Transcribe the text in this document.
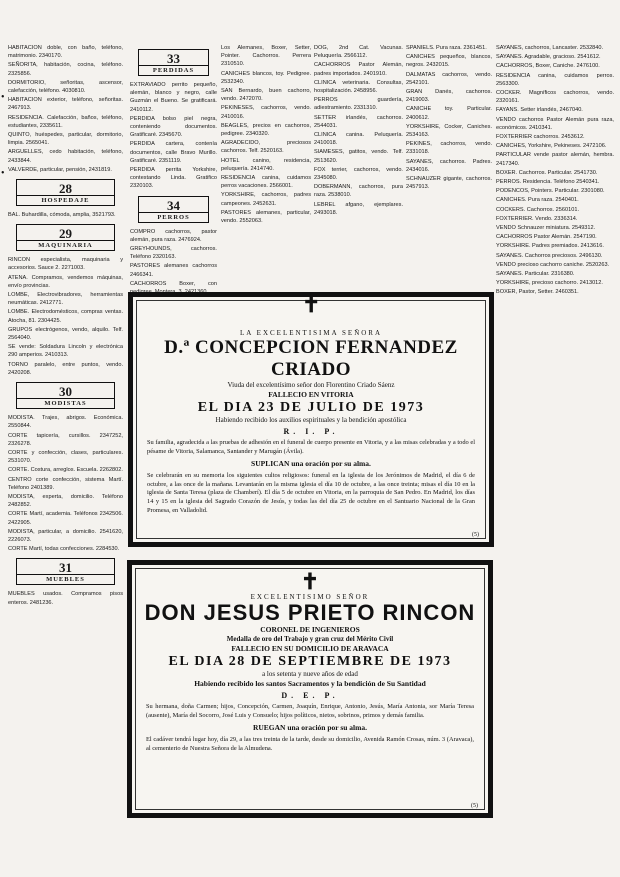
HABITACION doble, con baño, teléfono, matrimonio. 2340170.

SEÑORITA, habitación, cocina, teléfono. 2325856.

DORMITORIO, señoritas, ascensor, calefacción, teléfono. 4030810.

HABITACION exterior, teléfono, señoritas. 2467913.

RESIDENCIA. Calefacción, baños, teléfono, estudiantes, 2335611.

QUINTO, huéspedes, particular, dormitorio, limpia. 2565041.

ARGUELLES, cedo habitación, teléfono, 2433844.

VALVERDE, particular, pensión, 2431819.

28
HOSPEDAJE

BAL. Buhardilla, cómoda, amplia, 3521793.

29
MAQUINARIA

RINCON especialista, maquinaria y accesorios. Sauce 2. 2271003.

ATENA. Compramos, vendemos máquinas, envío provincias.

LOMBE, Electrovibradores, herramientas neumáticas. 2412771.

LOMBE. Electrodomésticos, compras ventas. Atocha, 81. 2304425.

GRUPOS electrógenos, vendo, alquilo. Telf. 2564040.

SE vende: Soldadura Lincoln y electrónica 290 amperios. 2410313.

TORNO paralelo, entre puntos, vendo. 2420208.

30
MODISTAS

MODISTA. Trajes, abrigos. Económica. 2550844.

CORTE tapicería, cursillos. 2347252, 2326278.

CORTE y confección, clases, particulares. 2531070.

CORTE. Costura, arreglos. Escuela. 2262802.

CENTRO corte confección, sistema Martí. Teléfono 2401389.

MODISTA, experta, domicilio. Teléfono 2482852.

CORTE Martí, academia. Teléfonos 2342506. 2422905.

MODISTA, particular, a domicilio. 2541620, 2226073.

CORTE Martí, todas confecciones. 2284530.

31
MUEBLES

MUEBLES usados. Compramos pisos enteros. 2481236.

33
PERDIDAS

EXTRAVIADO perrito pequeño, alemán, blanco y negro, calle Guzmán el Bueno. Se gratificará. 2410112.

PERDIDA bolso piel negra, conteniendo documentos. Gratificaré. 2345670.

PERDIDA cartera, contenía documentos, calle Bravo Murillo. Gratificaré. 2351119.

PERDIDA perrita Yorkshire, contestando Linda. Gratifico 2320103.

34
PERROS

COMPRO cachorros, pastor alemán, pura raza. 2476924.

GREYHOUNDS, cachorros. Teléfono 2320163.

PASTORES alemanes cachorros 2466341.

CACHORROS Boxer, con

Los Alemanes, Boxer, Setter, Pointer. Cachorros. Perrera 2310510.

CANICHES blancos, toy. Pedigree. 2532340.

SAN Bernardo, buen cachorro, vendo. 2472070.

PEKINESES, cachorros, vendo. 2410016.

BEAGLES, precios en cachorros, pedigree. 2340320.

AGRADECIDO, preciosos cachorros. Telf. 2520163.

HOTEL canino, residencia, peluquería. 2414740.

RESIDENCIA canina, cuidamos perros vacaciones. 2566001.

YORKSHIRE, cachorros, padres campeones. 2452631.

PASTORES alemanes, particular, vendo. 2552063.

DOG, 2nd Cat. Vacunas. Peluquería. 2566112.

CACHORROS Pastor Alemán, padres importados. 2401910.

CLINICA veterinaria. Consultas, hospitalización. 2458956.

PERROS guardería, adiestramiento. 2331310.

SETTER irlandés, cachorros. 2544031.

CLINICA canina. Peluquería. 2410018.

SIAMESES, gatitos, vendo. Telf. 2513620.

FOX terrier, cachorros, vendo. 2345080.

DOBERMANN, cachorros, pura raza. 2538010.

LEBREL afgano, ejemplares. 2493018.

SPANIELS. Pura raza. 2361451.

CANICHES pequeños, blancos, negros. 2432015.

DALMATAS cachorros, vendo. 2542101.

GRAN Danés, cachorros. 2419003.

CANICHE toy. Particular. 2400612.

YORKSHIRE, Cocker, Caniches. 2534163.

PEKINES, cachorros, vendo. 2331018.

SAYANES, cachorros. Padres. 2434016.

SCHNAUZER gigante, cachorros. 2457913.

SAYANES, cachorros, Lancaster. 2532840.

SAYANES. Agradable, gracioso. 2541612.

CACHORROS, Boxer, Caniche. 2476100.

RESIDENCIA canina, cuidamos perros. 2563300.

COCKER. Magníficos cachorros, vendo. 2320161.

FAYANS. Setter irlandés, 2467040.

VENDO cachorros Pastor Alemán pura raza, económicos. 2410341.

FOXTERRIER cachorros. 2453612.

CANICHES, Yorkshire, Pekineses. 2472106.

PARTICULAR vende pastor alemán, hembra. 2417340.

BOXER. Cachorros. Particular. 2541730.

PERROS. Residencia. Teléfono 2540341.

PODENCOS, Pointers. Particular. 2301080.

CANICHES. Pura raza. 2540401.

COCKERS. Cachorros. 2560101.

FOXTERRIER. Vendo. 2336314.

VENDO Schnauzer miniatura. 2549312.

CACHORROS Pastor Alemán. 2547190.

YORKSHIRE. Padres premiados. 2413616.

SAYANES. Cachorros preciosos. 2496130.

VENDO precioso cachorro caniche. 2520263.

SAYANES. Particular. 2316380.

YORKSHIRE, precioso cachorro. 2413012.

BOXER, Pastor, Setter. 2460351.

LA EXCELENTISIMA SEÑORA
D.ª CONCEPCION FERNANDEZ CRIADO
Viuda del excelentísimo señor don Florentino Criado Sáenz
FALLECIO EN VITORIA
EL DIA 23 DE JULIO DE 1973
Habiendo recibido los auxilios espirituales y la bendición apostólica
R. I. P.
Su familia, agradecida a las pruebas de adhesión en el funeral de cuerpo presente en Vitoria, y a las misas celebradas y a todo el pésame de Vitoria, Salamanca, Santander y Marugán (Ávila).
SUPLICAN una oración por su alma.
Se celebrarán en su memoria los siguientes cultos religiosos: funeral en la iglesia de los Jerónimos de Madrid, el día 6 de octubre, a las once de la mañana. Levantarán en la misma iglesia el día 10 de octubre, a las once treinta; misas el día 10 en la iglesia de Santa Teresa (plaza de Chamberí). El día 5 de octubre en Vitoria, en la parroquia de San Pedro. En Madrid, los días 14 y 15 en la iglesia del Sagrado Corazón de Jesús, y todas las del día 25 de octubre en el Santuario Nacional de la Gran Promesa, en Valladolid.
(5)
✝
EXCELENTISIMO SEÑOR
DON JESUS PRIETO RINCON
CORONEL DE INGENIEROS
Medalla de oro del Trabajo y gran cruz del Mérito Civil
FALLECIO EN SU DOMICILIO DE ARAVACA
EL DIA 28 DE SEPTIEMBRE DE 1973
a los setenta y nueve años de edad
Habiendo recibido los santos Sacramentos y la bendición de Su Santidad
D. E. P.
Su hermana, doña Carmen; hijos, Concepción, Carmen, Joaquín, Enrique, Antonio, Jesús, María Antonia, sor María Teresa (ausente), María del Socorro, José Luis y Consuelo; hijos políticos, nietos, sobrinos, primos y demás familia.
RUEGAN una oración por su alma.
El cadáver tendrá lugar hoy, día 29, a las tres treinta de la tarde, desde su domicilio, Avenida Ramón Crosas, núm. 3 (Aravaca), al cementerio de Nuestra Señora de la Almudena.
(5)
✝
•
•
